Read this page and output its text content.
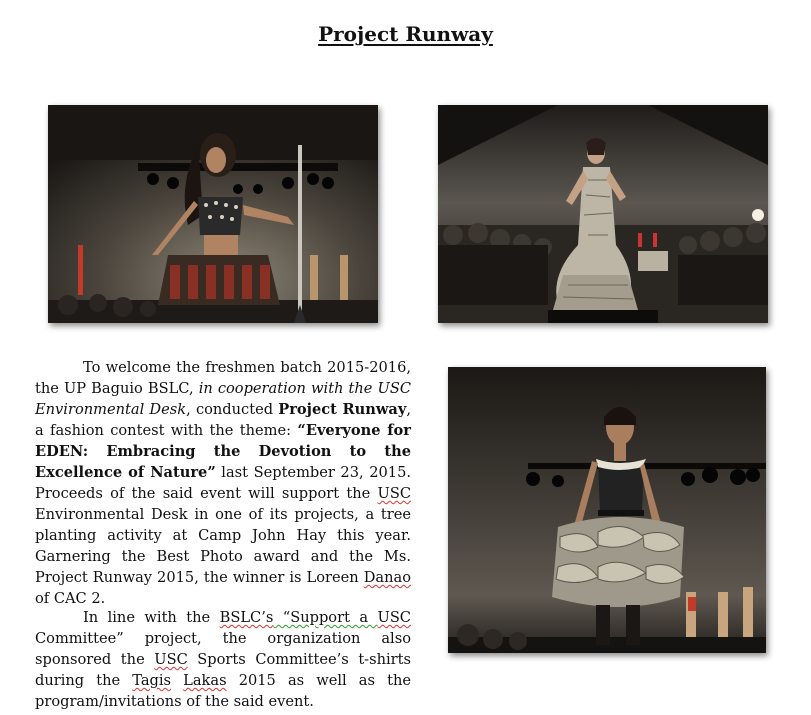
Project Runway
To welcome the freshmen batch 2015-2016, the UP Baguio BSLC, in cooperation with the USC Environmental Desk, conducted Project Runway, a fashion contest with the theme: “Everyone for EDEN: Embracing the Devotion to the Excellence of Nature” last September 23, 2015. Proceeds of the said event will support the USC Environmental Desk in one of its projects, a tree planting activity at Camp John Hay this year. Garnering the Best Photo award and the Ms. Project Runway 2015, the winner is Loreen Danao of CAC 2.
In line with the BSLC’s “Support a USC Committee” project, the organization also sponsored the USC Sports Committee’s t-shirts during the Tagis Lakas 2015 as well as the program/invitations of the said event.
